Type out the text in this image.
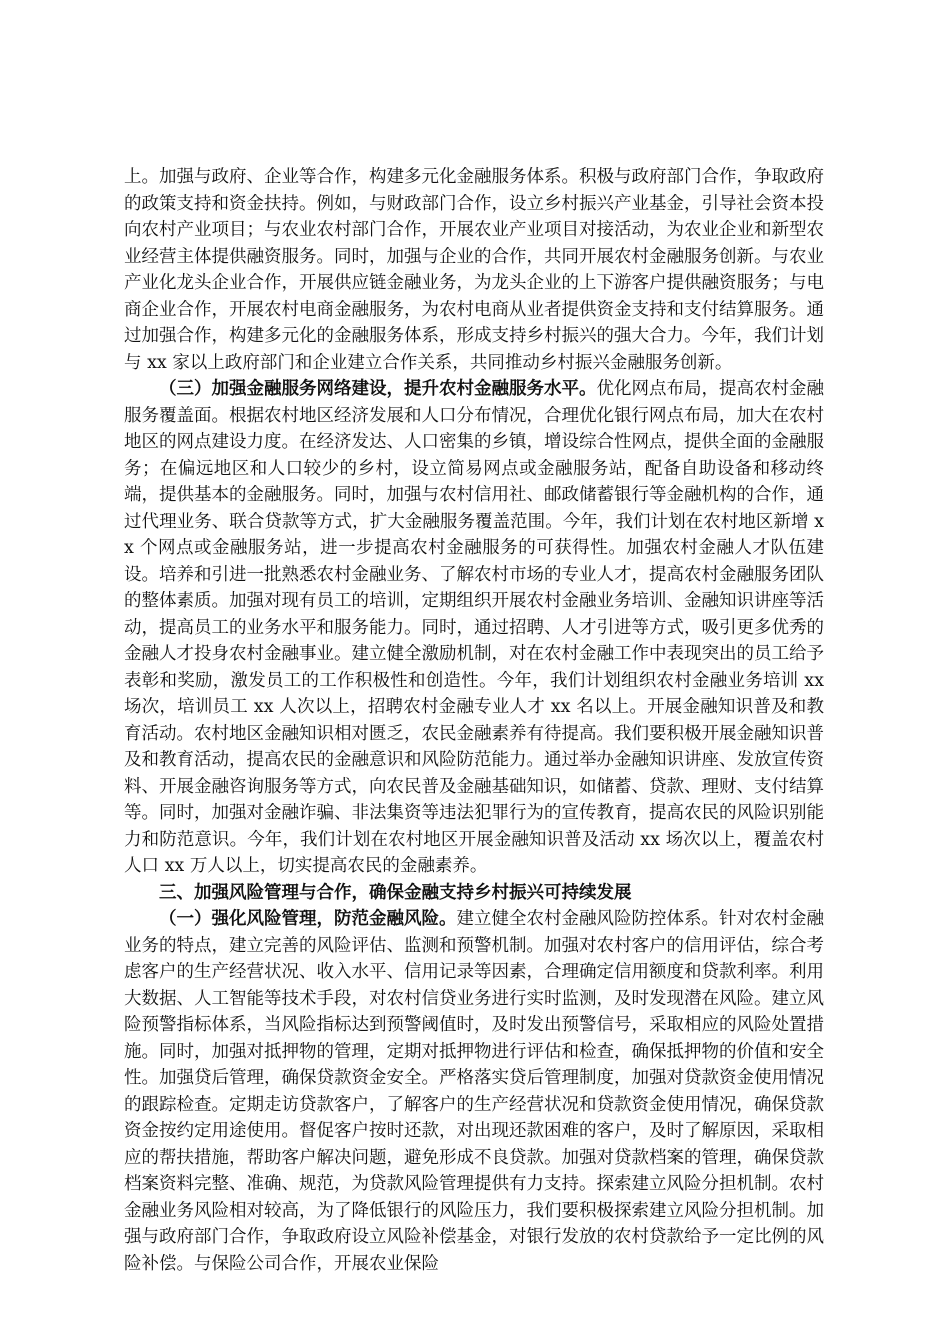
上。加强与政府、企业等合作，构建多元化金融服务体系。积极与政府部门合作，争取政府的政策支持和资金扶持。例如，与财政部门合作，设立乡村振兴产业基金，引导社会资本投向农村产业项目；与农业农村部门合作，开展农业产业项目对接活动，为农业企业和新型农业经营主体提供融资服务。同时，加强与企业的合作，共同开展农村金融服务创新。与农业产业化龙头企业合作，开展供应链金融业务，为龙头企业的上下游客户提供融资服务；与电商企业合作，开展农村电商金融服务，为农村电商从业者提供资金支持和支付结算服务。通过加强合作，构建多元化的金融服务体系，形成支持乡村振兴的强大合力。今年，我们计划与 xx 家以上政府部门和企业建立合作关系，共同推动乡村振兴金融服务创新。

（三）加强金融服务网络建设，提升农村金融服务水平。优化网点布局，提高农村金融服务覆盖面。根据农村地区经济发展和人口分布情况，合理优化银行网点布局，加大在农村地区的网点建设力度。在经济发达、人口密集的乡镇，增设综合性网点，提供全面的金融服务；在偏远地区和人口较少的乡村，设立简易网点或金融服务站，配备自助设备和移动终端，提供基本的金融服务。同时，加强与农村信用社、邮政储蓄银行等金融机构的合作，通过代理业务、联合贷款等方式，扩大金融服务覆盖范围。今年，我们计划在农村地区新增 xx 个网点或金融服务站，进一步提高农村金融服务的可获得性。加强农村金融人才队伍建设。培养和引进一批熟悉农村金融业务、了解农村市场的专业人才，提高农村金融服务团队的整体素质。加强对现有员工的培训，定期组织开展农村金融业务培训、金融知识讲座等活动，提高员工的业务水平和服务能力。同时，通过招聘、人才引进等方式，吸引更多优秀的金融人才投身农村金融事业。建立健全激励机制，对在农村金融工作中表现突出的员工给予表彰和奖励，激发员工的工作积极性和创造性。今年，我们计划组织农村金融业务培训 xx 场次，培训员工 xx 人次以上，招聘农村金融专业人才 xx 名以上。开展金融知识普及和教育活动。农村地区金融知识相对匮乏，农民金融素养有待提高。我们要积极开展金融知识普及和教育活动，提高农民的金融意识和风险防范能力。通过举办金融知识讲座、发放宣传资料、开展金融咨询服务等方式，向农民普及金融基础知识，如储蓄、贷款、理财、支付结算等。同时，加强对金融诈骗、非法集资等违法犯罪行为的宣传教育，提高农民的风险识别能力和防范意识。今年，我们计划在农村地区开展金融知识普及活动 xx 场次以上，覆盖农村人口 xx 万人以上，切实提高农民的金融素养。

三、加强风险管理与合作，确保金融支持乡村振兴可持续发展

（一）强化风险管理，防范金融风险。建立健全农村金融风险防控体系。针对农村金融业务的特点，建立完善的风险评估、监测和预警机制。加强对农村客户的信用评估，综合考虑客户的生产经营状况、收入水平、信用记录等因素，合理确定信用额度和贷款利率。利用大数据、人工智能等技术手段，对农村信贷业务进行实时监测，及时发现潜在风险。建立风险预警指标体系，当风险指标达到预警阈值时，及时发出预警信号，采取相应的风险处置措施。同时，加强对抵押物的管理，定期对抵押物进行评估和检查，确保抵押物的价值和安全性。加强贷后管理，确保贷款资金安全。严格落实贷后管理制度，加强对贷款资金使用情况的跟踪检查。定期走访贷款客户，了解客户的生产经营状况和贷款资金使用情况，确保贷款资金按约定用途使用。督促客户按时还款，对出现还款困难的客户，及时了解原因，采取相应的帮扶措施，帮助客户解决问题，避免形成不良贷款。加强对贷款档案的管理，确保贷款档案资料完整、准确、规范，为贷款风险管理提供有力支持。探索建立风险分担机制。农村金融业务风险相对较高，为了降低银行的风险压力，我们要积极探索建立风险分担机制。加强与政府部门合作，争取政府设立风险补偿基金，对银行发放的农村贷款给予一定比例的风险补偿。与保险公司合作，开展农业保险
